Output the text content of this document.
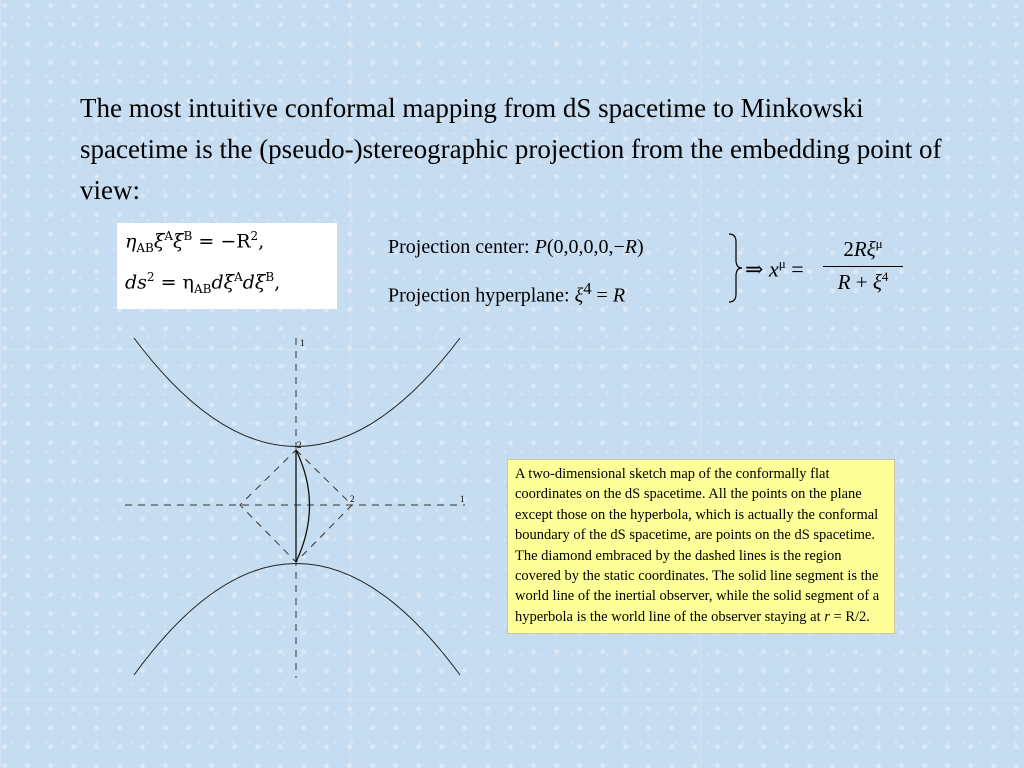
The most intuitive conformal mapping from dS spacetime to Minkowski spacetime is the (pseudo-)stereographic projection from the embedding point of view:

$\eta_{AB}\xi^A\xi^B = -R^2$,
$ds^2 = \eta_{AB}d\xi^Ad\xi^B$,
Projection center: P(0,0,0,0,−R)
Projection hyperplane: $\xi^4 = R$
⇒ $x^\mu$ =
$2R\xi^\mu$
$R + \xi^4$
1
2
2	1
A two-dimensional sketch map of the conformally flat coordinates on the dS spacetime. All the points on the plane except those on the hyperbola, which is actually the conformal boundary of the dS spacetime, are points on the dS spacetime. The diamond embraced by the dashed lines is the region covered by the static coordinates. The solid line segment is the world line of the inertial observer, while the solid segment of a hyperbola is the world line of the observer staying at r = R/2.
